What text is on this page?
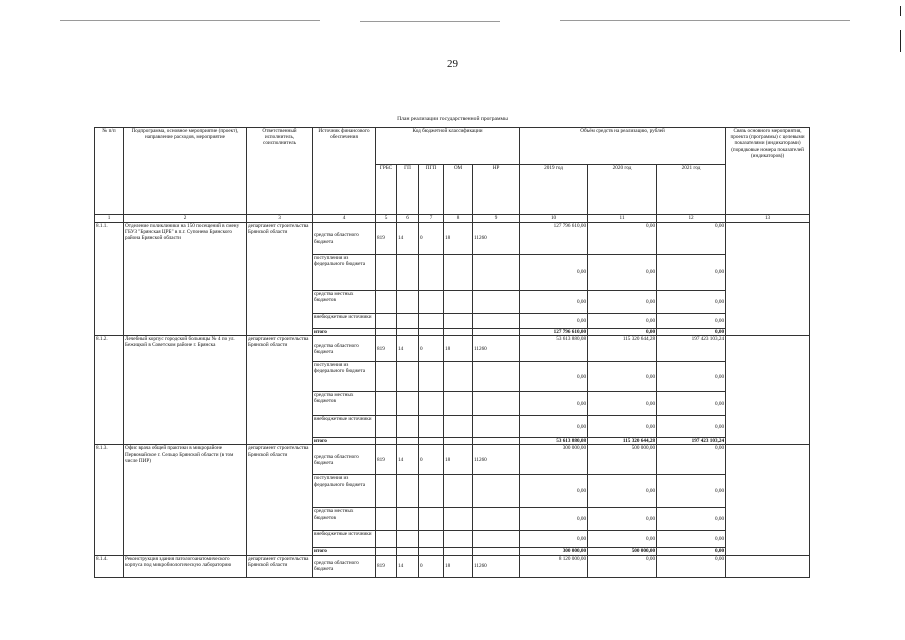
29
План реализации государственной программы
№ п/п	Подпрограмма, основное мероприятие (проект), направление расходов, мероприятие	Ответственный исполнитель, соисполнитель	Источник финансового обеспечения	Код бюджетной классификации					Объём средств на реализацию, рублей			Связь основного мероприятия, проекта (программы) с целевыми показателями (индикаторами) (порядковые номера показателей (индикаторов))
				ГРБС	ГП	ПГП	ОМ	НР	2019 год	2020 год	2021 год	
1	2	3	4	5	6	7	8	9	10	11	12	13
8.1.1.	Отделение поликлиники на 150 посещений в смену ГБУЗ "Брянская ЦРБ" в п.г. Супонево Брянского района Брянской области	департамент строительства Брянской области	средства областного бюджета	819	14	0	18	11260	127 796 610,00	0,00	0,00	
			поступления из федерального бюджета						0,00	0,00	0,00	
			средства местных бюджетов						0,00	0,00	0,00	
			внебюджетные источники						0,00	0,00	0,00	
			итого						127 796 610,00	0,00	0,00	
8.1.2.	Лечебный корпус городской больницы № 4 по ул. Бежицкой в Советском районе г. Брянска	департамент строительства Брянской области	средства областного бюджета	819	14	0	18	11260	53 613 880,08	115 320 644,28	197 423 103,24	
			поступления из федерального бюджета						0,00	0,00	0,00	
			средства местных бюджетов						0,00	0,00	0,00	
			внебюджетные источники						0,00	0,00	0,00	
			итого						53 613 880,08	115 320 644,28	197 423 103,24	
8.1.3.	Офис врача общей практики в микрорайоне Первомайское г. Сельцо Брянской области (в том числе ПИР)	департамент строительства Брянской области	средства областного бюджета	819	14	0	18	11260	300 000,00	500 000,00	0,00	
			поступления из федерального бюджета						0,00	0,00	0,00	
			средства местных бюджетов						0,00	0,00	0,00	
			внебюджетные источники						0,00	0,00	0,00	
			итого						300 000,00	500 000,00	0,00	
8.1.4.	Реконструкция здания патологоанатомического корпуса под микробиологическую лабораторию	департамент строительства Брянской области	средства областного бюджета	819	14	0	18	11260	8 120 000,00	0,00	0,00	
